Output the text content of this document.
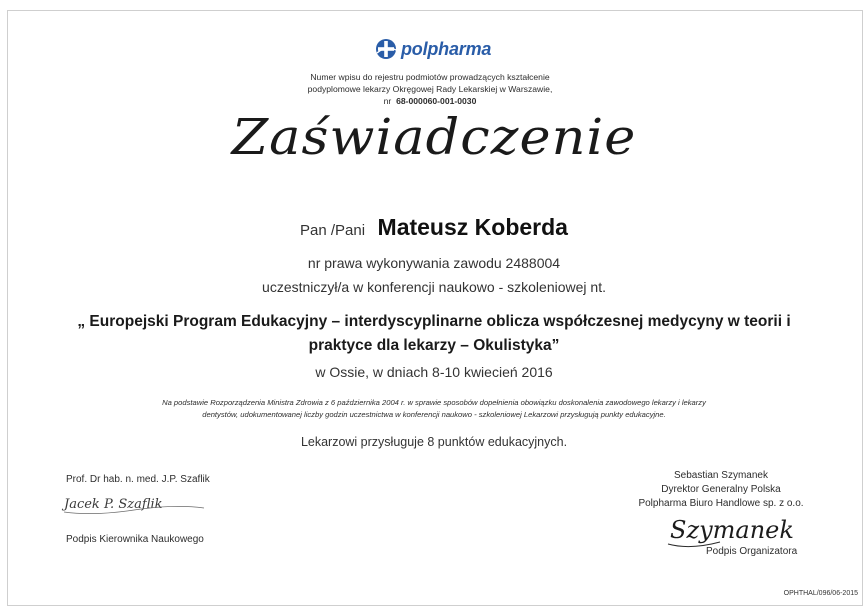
polpharma
Numer wpisu do rejestru podmiotów prowadzących kształcenie
podyplomowe lekarzy Okręgowej Rady Lekarskiej w Warszawie,
nr 68-000060-001-0030
Zaświadczenie
Pan /Pani Mateusz Koberda
nr prawa wykonywania zawodu 2488004
uczestniczył/a w konferencji naukowo - szkoleniowej nt.
„ Europejski Program Edukacyjny – interdyscyplinarne oblicza współczesnej medycyny w teorii i
praktyce dla lekarzy – Okulistyka”
w Ossie, w dniach 8-10 kwiecień 2016
Na podstawie Rozporządzenia Ministra Zdrowia z 6 października 2004 r. w sprawie sposobów dopełnienia obowiązku doskonalenia zawodowego lekarzy i lekarzy
dentystów, udokumentowanej liczby godzin uczestnictwa w konferencji naukowo - szkoleniowej Lekarzowi przysługują punkty edukacyjne.
Lekarzowi przysługuje 8 punktów edukacyjnych.
Prof. Dr hab. n. med. J.P. Szaflik
Jacek P. Szaflik
Podpis Kierownika Naukowego
Sebastian Szymanek
Dyrektor Generalny Polska
Polpharma Biuro Handlowe sp. z o.o.
Szymanek
Podpis Organizatora
OPHTHAL/096/06-2015
